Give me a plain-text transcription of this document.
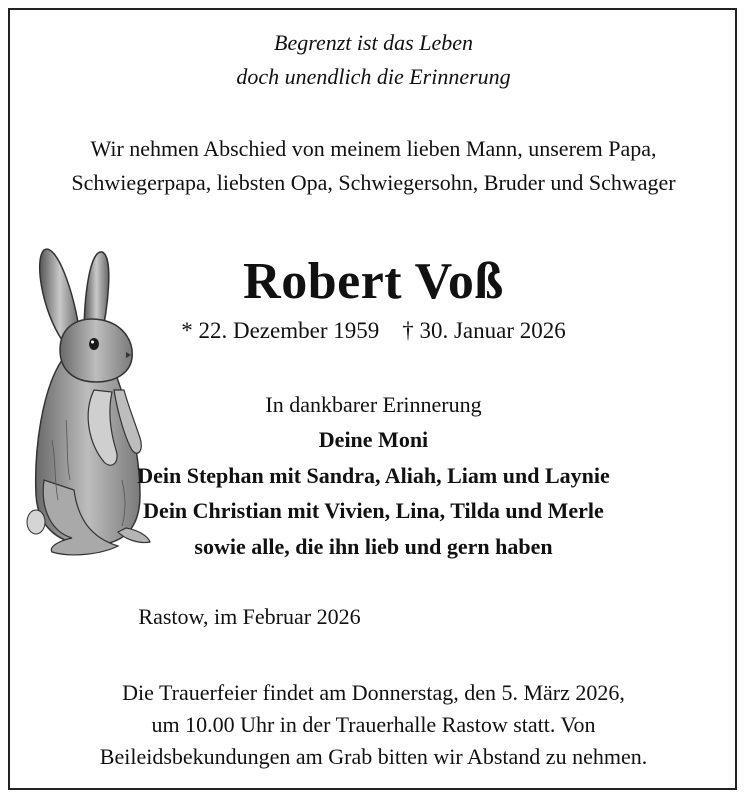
Begrenzt ist das Leben
doch unendlich die Erinnerung
Wir nehmen Abschied von meinem lieben Mann, unserem Papa,
Schwiegerpapa, liebsten Opa, Schwiegersohn, Bruder und Schwager
Robert Voß
* 22. Dezember 1959 † 30. Januar 2026
In dankbarer Erinnerung
Deine Moni
Dein Stephan mit Sandra, Aliah, Liam und Laynie
Dein Christian mit Vivien, Lina, Tilda und Merle
sowie alle, die ihn lieb und gern haben
Rastow, im Februar 2026
Die Trauerfeier findet am Donnerstag, den 5. März 2026,
um 10.00 Uhr in der Trauerhalle Rastow statt. Von
Beileidsbekundungen am Grab bitten wir Abstand zu nehmen.
